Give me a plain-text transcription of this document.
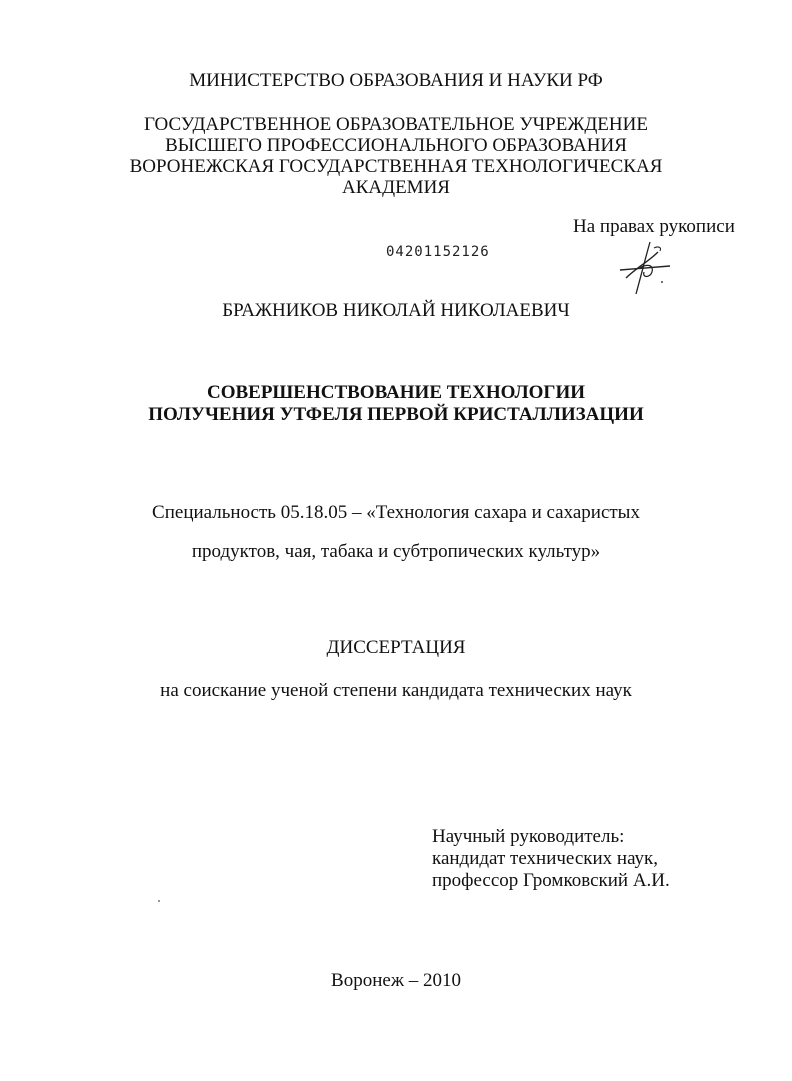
МИНИСТЕРСТВО ОБРАЗОВАНИЯ И НАУКИ РФ
ГОСУДАРСТВЕННОЕ ОБРАЗОВАТЕЛЬНОЕ УЧРЕЖДЕНИЕ
ВЫСШЕГО ПРОФЕССИОНАЛЬНОГО ОБРАЗОВАНИЯ
ВОРОНЕЖСКАЯ ГОСУДАРСТВЕННАЯ ТЕХНОЛОГИЧЕСКАЯ
АКАДЕМИЯ
На правах рукописи
04201152126
БРАЖНИКОВ НИКОЛАЙ НИКОЛАЕВИЧ
СОВЕРШЕНСТВОВАНИЕ ТЕХНОЛОГИИ
ПОЛУЧЕНИЯ УТФЕЛЯ ПЕРВОЙ КРИСТАЛЛИЗАЦИИ
Специальность 05.18.05 – «Технология сахара и сахаристых
продуктов, чая, табака и субтропических культур»
ДИССЕРТАЦИЯ
на соискание ученой степени кандидата технических наук
Научный руководитель:
кандидат технических наук,
профессор Громковский А.И.
Воронеж – 2010
